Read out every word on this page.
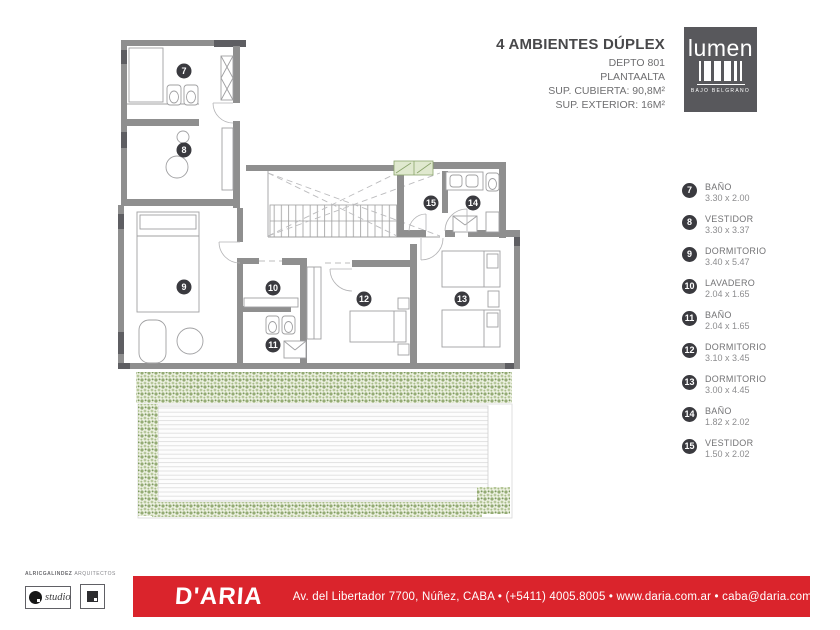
7
8
9	10
11
12	13
14
15
4 AMBIENTES DÚPLEX
DEPTO 801
PLANTAALTA
SUP. CUBIERTA: 90,8M²
SUP. EXTERIOR: 16M²
lumen
BAJO BELGRANO
7	BAÑO
3.30 x 2.00
8	VESTIDOR
3.30 x 3.37
9	DORMITORIO
3.40 x 5.47
10 LAVADERO
2.04 x 1.65
11	BAÑO
2.04 x 1.65
12 DORMITORIO
3.10 x 3.45
13 DORMITORIO
3.00 x 4.45
14 BAÑO
1.82 x 2.02
15 VESTIDOR
1.50 x 2.02
ALRICGALINDEZ ARQUITECTOS
studio	D'ARIA	Av. del Libertador 7700, Núñez, CABA • (+5411) 4005.8005 • www.daria.com.ar • caba@daria.com.ar
